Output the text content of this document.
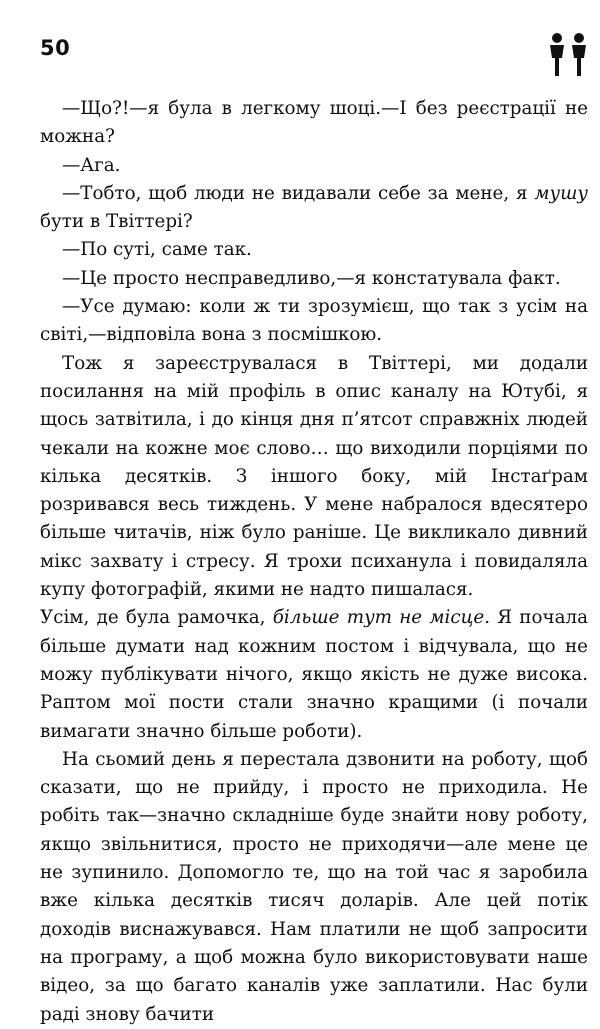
50

—Що?!—я була в легкому шоці.—І без реєстрації не можна?

—Ага.

—Тобто, щоб люди не видавали себе за мене, я мушу бути в Твіттері?

—По суті, саме так.

—Це просто несправедливо,—я констатувала факт.

—Усе думаю: коли ж ти зрозумієш, що так з усім на світі,—відповіла вона з посмішкою.

Тож я зареєструвалася в Твіттері, ми додали посилання на мій профіль в опис каналу на Ютубі, я щось затвітила, і до кінця дня п’ятсот справжніх людей чекали на кожне моє слово… що виходили порціями по кілька десятків. З іншого боку, мій Інстаґрам розривався весь тиждень. У мене набралося вдесятеро більше читачів, ніж було раніше. Це викликало дивний мікс захвату і стресу. Я трохи психанула і повидаляла купу фотографій, якими не надто пишалася.

Усім, де була рамочка, більше тут не місце. Я почала більше думати над кожним постом і відчувала, що не можу публікувати нічого, якщо якість не дуже висока. Раптом мої пости стали значно кращими (і почали вимагати значно більше роботи).

На сьомий день я перестала дзвонити на роботу, щоб сказати, що не прийду, і просто не приходила. Не робіть так—значно складніше буде знайти нову роботу, якщо звільнитися, просто не приходячи—але мене це не зупинило. Допомогло те, що на той час я заробила вже кілька десятків тисяч доларів. Але цей потік доходів виснажувався. Нам платили не щоб запросити на програму, а щоб можна було використовувати наше відео, за що багато каналів уже заплатили. Нас були раді знову бачити
